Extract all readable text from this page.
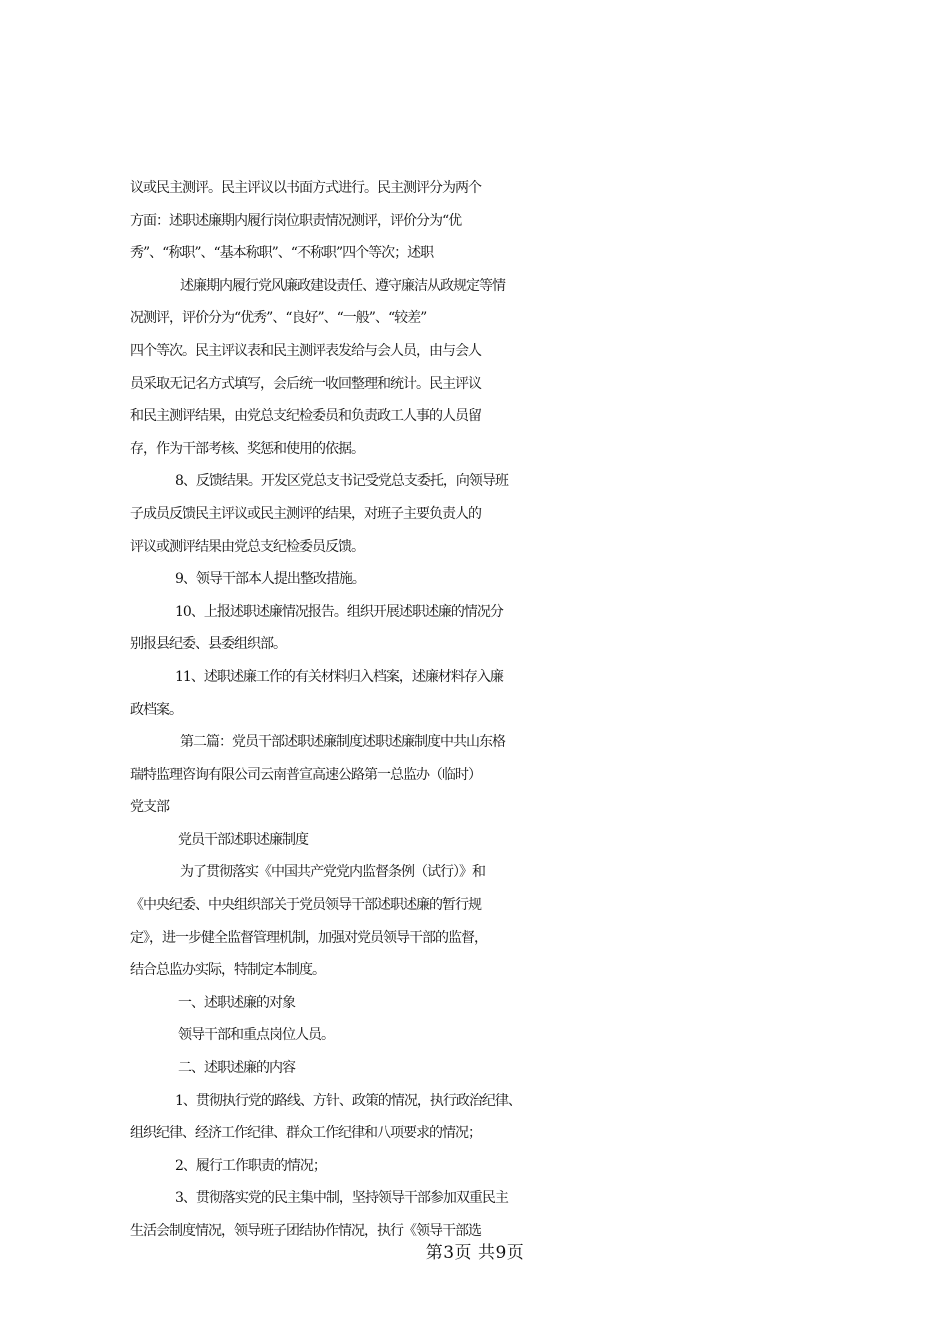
议或民主测评。民主评议以书面方式进行。民主测评分为两个
方面：述职述廉期内履行岗位职责情况测评，评价分为“优
秀”、“称职”、“基本称职”、“不称职”四个等次；述职
述廉期内履行党风廉政建设责任、遵守廉洁从政规定等情
况测评，评价分为“优秀”、“良好”、“一般”、“较差”
四个等次。民主评议表和民主测评表发给与会人员，由与会人
员采取无记名方式填写，会后统一收回整理和统计。民主评议
和民主测评结果，由党总支纪检委员和负责政工人事的人员留
存，作为干部考核、奖惩和使用的依据。
8、反馈结果。开发区党总支书记受党总支委托，向领导班
子成员反馈民主评议或民主测评的结果，对班子主要负责人的
评议或测评结果由党总支纪检委员反馈。
9、领导干部本人提出整改措施。
10、上报述职述廉情况报告。组织开展述职述廉的情况分
别报县纪委、县委组织部。
11、述职述廉工作的有关材料归入档案，述廉材料存入廉
政档案。
第二篇：党员干部述职述廉制度述职述廉制度中共山东格
瑞特监理咨询有限公司云南普宣高速公路第一总监办（临时）
党支部
党员干部述职述廉制度
为了贯彻落实《中国共产党党内监督条例（试行）》和
《中央纪委、中央组织部关于党员领导干部述职述廉的暂行规
定》，进一步健全监督管理机制，加强对党员领导干部的监督，
结合总监办实际，特制定本制度。
一、述职述廉的对象
领导干部和重点岗位人员。
二、述职述廉的内容
1、贯彻执行党的路线、方针、政策的情况，执行政治纪律、
组织纪律、经济工作纪律、群众工作纪律和八项要求的情况；
2、履行工作职责的情况；
3、贯彻落实党的民主集中制，坚持领导干部参加双重民主
生活会制度情况，领导班子团结协作情况，执行《领导干部选
第3页 共9页
